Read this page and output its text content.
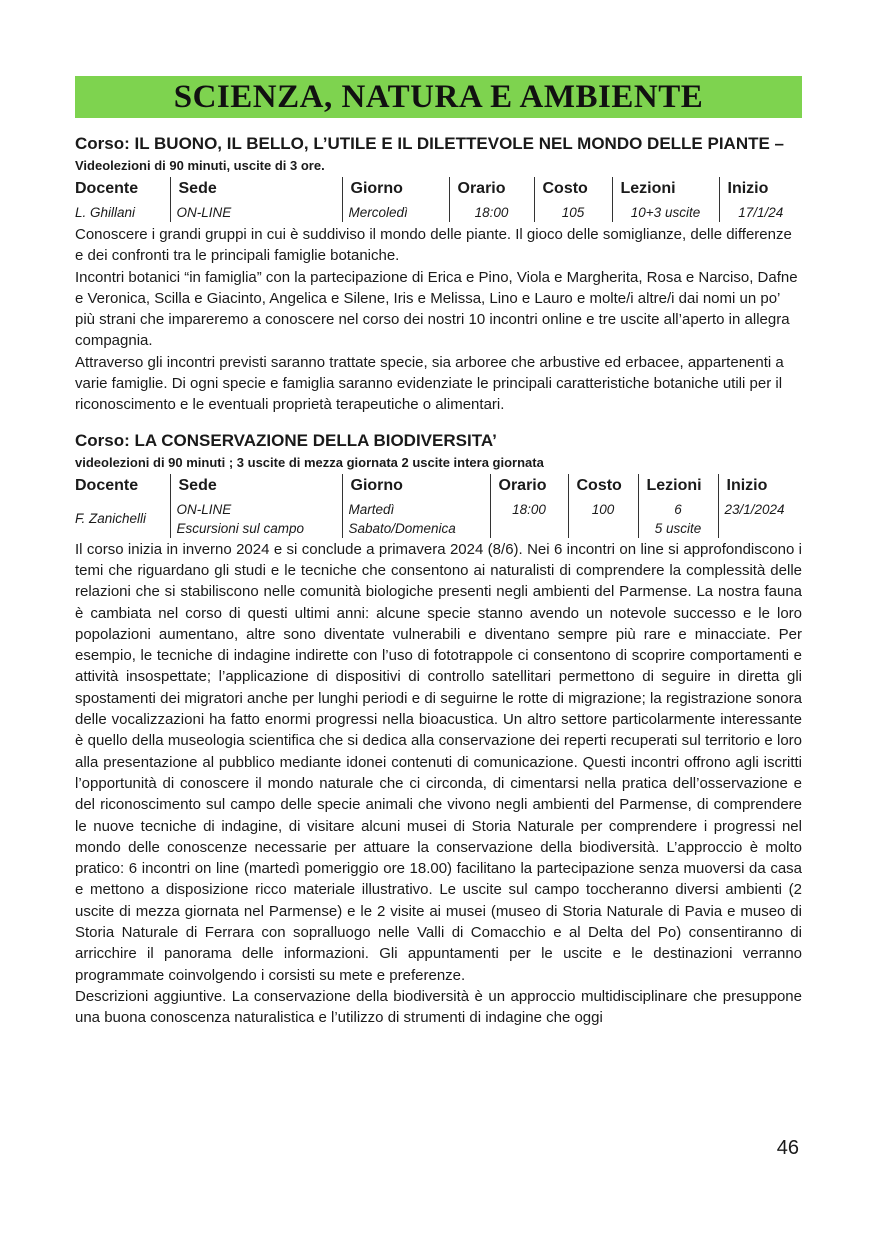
SCIENZA, NATURA E AMBIENTE
Corso: IL BUONO, IL BELLO, L’UTILE E IL DILETTEVOLE NEL MONDO DELLE PIANTE –
Videolezioni di 90 minuti, uscite di 3 ore.
Docente	Sede	Giorno	Orario	Costo	Lezioni	Inizio
L. Ghillani	ON-LINE	Mercoledì	18:00	105	10+3 uscite	17/1/24

Conoscere i grandi gruppi in cui è suddiviso il mondo delle piante. Il gioco delle somiglianze, delle differenze e dei confronti tra le principali famiglie botaniche.

Incontri botanici “in famiglia” con la partecipazione di Erica e Pino, Viola e Margherita, Rosa e Narciso, Dafne e Veronica, Scilla e Giacinto, Angelica e Silene, Iris e Melissa, Lino e Lauro e molte/i altre/i dai nomi un po’ più strani che impareremo a conoscere nel corso dei nostri 10 incontri online e tre uscite all’aperto in allegra compagnia.

Attraverso gli incontri previsti saranno trattate specie, sia arboree che arbustive ed erbacee, appartenenti a varie famiglie. Di ogni specie e famiglia saranno evidenziate le principali caratteristiche botaniche utili per il riconoscimento e le eventuali proprietà terapeutiche o alimentari.

Corso: LA CONSERVAZIONE DELLA BIODIVERSITA’
videolezioni di 90 minuti ; 3 uscite di mezza giornata 2 uscite intera giornata
Docente	Sede	Giorno	Orario	Costo	Lezioni	Inizio
F. Zanichelli	ON-LINE	Martedì	18:00	100	6	23/1/2024
	Escursioni sul campo	Sabato/Domenica			5 uscite	

Il corso inizia in inverno 2024 e si conclude a primavera 2024 (8/6). Nei 6 incontri on line si approfondiscono i temi che riguardano gli studi e le tecniche che consentono ai naturalisti di comprendere la complessità delle relazioni che si stabiliscono nelle comunità biologiche presenti negli ambienti del Parmense. La nostra fauna è cambiata nel corso di questi ultimi anni: alcune specie stanno avendo un notevole successo e le loro popolazioni aumentano, altre sono diventate vulnerabili e diventano sempre più rare e minacciate. Per esempio, le tecniche di indagine indirette con l’uso di fototrappole ci consentono di scoprire comportamenti e attività insospettate; l’applicazione di dispositivi di controllo satellitari permettono di seguire in diretta gli spostamenti dei migratori anche per lunghi periodi e di seguirne le rotte di migrazione; la registrazione sonora delle vocalizzazioni ha fatto enormi progressi nella bioacustica. Un altro settore particolarmente interessante è quello della museologia scientifica che si dedica alla conservazione dei reperti recuperati sul territorio e loro alla presentazione al pubblico mediante idonei contenuti di comunicazione. Questi incontri offrono agli iscritti l’opportunità di conoscere il mondo naturale che ci circonda, di cimentarsi nella pratica dell’osservazione e del riconoscimento sul campo delle specie animali che vivono negli ambienti del Parmense, di comprendere le nuove tecniche di indagine, di visitare alcuni musei di Storia Naturale per comprendere i progressi nel mondo delle conoscenze necessarie per attuare la conservazione della biodiversità. L’approccio è molto pratico: 6 incontri on line (martedì pomeriggio ore 18.00) facilitano la partecipazione senza muoversi da casa e mettono a disposizione ricco materiale illustrativo. Le uscite sul campo toccheranno diversi ambienti (2 uscite di mezza giornata nel Parmense) e le 2 visite ai musei (museo di Storia Naturale di Pavia e museo di Storia Naturale di Ferrara con sopralluogo nelle Valli di Comacchio e al Delta del Po) consentiranno di arricchire il panorama delle informazioni. Gli appuntamenti per le uscite e le destinazioni verranno programmate coinvolgendo i corsisti su mete e preferenze.

Descrizioni aggiuntive. La conservazione della biodiversità è un approccio multidisciplinare che presuppone una buona conoscenza naturalistica e l’utilizzo di strumenti di indagine che oggi

46
